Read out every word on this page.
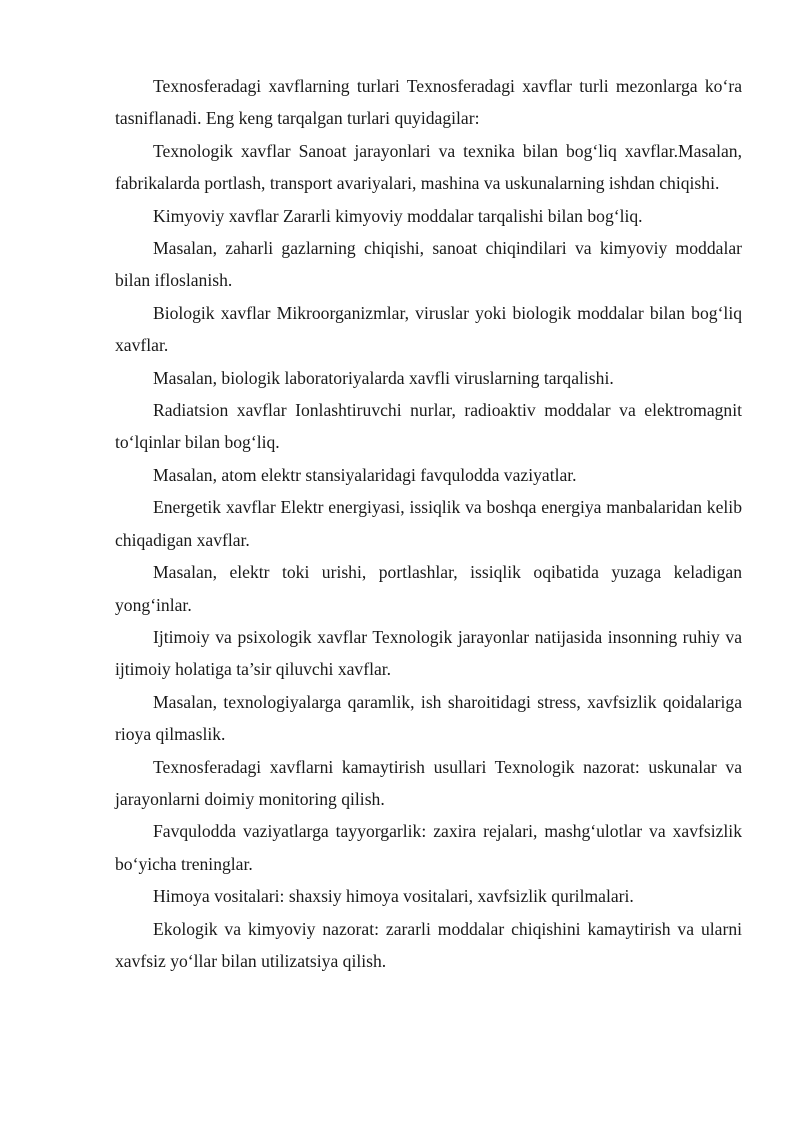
Texnosferadagi xavflarning turlari Texnosferadagi xavflar turli mezonlarga ko‘ra tasniflanadi. Eng keng tarqalgan turlari quyidagilar:

Texnologik xavflar Sanoat jarayonlari va texnika bilan bog‘liq xavflar.Masalan, fabrikalarda portlash, transport avariyalari, mashina va uskunalarning ishdan chiqishi.

Kimyoviy xavflar Zararli kimyoviy moddalar tarqalishi bilan bog‘liq.

Masalan, zaharli gazlarning chiqishi, sanoat chiqindilari va kimyoviy moddalar bilan ifloslanish.

Biologik xavflar Mikroorganizmlar, viruslar yoki biologik moddalar bilan bog‘liq xavflar.

Masalan, biologik laboratoriyalarda xavfli viruslarning tarqalishi.

Radiatsion xavflar Ionlashtiruvchi nurlar, radioaktiv moddalar va elektromagnit to‘lqinlar bilan bog‘liq.

Masalan, atom elektr stansiyalaridagi favqulodda vaziyatlar.

Energetik xavflar Elektr energiyasi, issiqlik va boshqa energiya manbalaridan kelib chiqadigan xavflar.

Masalan, elektr toki urishi, portlashlar, issiqlik oqibatida yuzaga keladigan yong‘inlar.

Ijtimoiy va psixologik xavflar Texnologik jarayonlar natijasida insonning ruhiy va ijtimoiy holatiga ta’sir qiluvchi xavflar.

Masalan, texnologiyalarga qaramlik, ish sharoitidagi stress, xavfsizlik qoidalariga rioya qilmaslik.

Texnosferadagi xavflarni kamaytirish usullari Texnologik nazorat: uskunalar va jarayonlarni doimiy monitoring qilish.

Favqulodda vaziyatlarga tayyorgarlik: zaxira rejalari, mashg‘ulotlar va xavfsizlik bo‘yicha treninglar.

Himoya vositalari: shaxsiy himoya vositalari, xavfsizlik qurilmalari.

Ekologik va kimyoviy nazorat: zararli moddalar chiqishini kamaytirish va ularni xavfsiz yo‘llar bilan utilizatsiya qilish.
